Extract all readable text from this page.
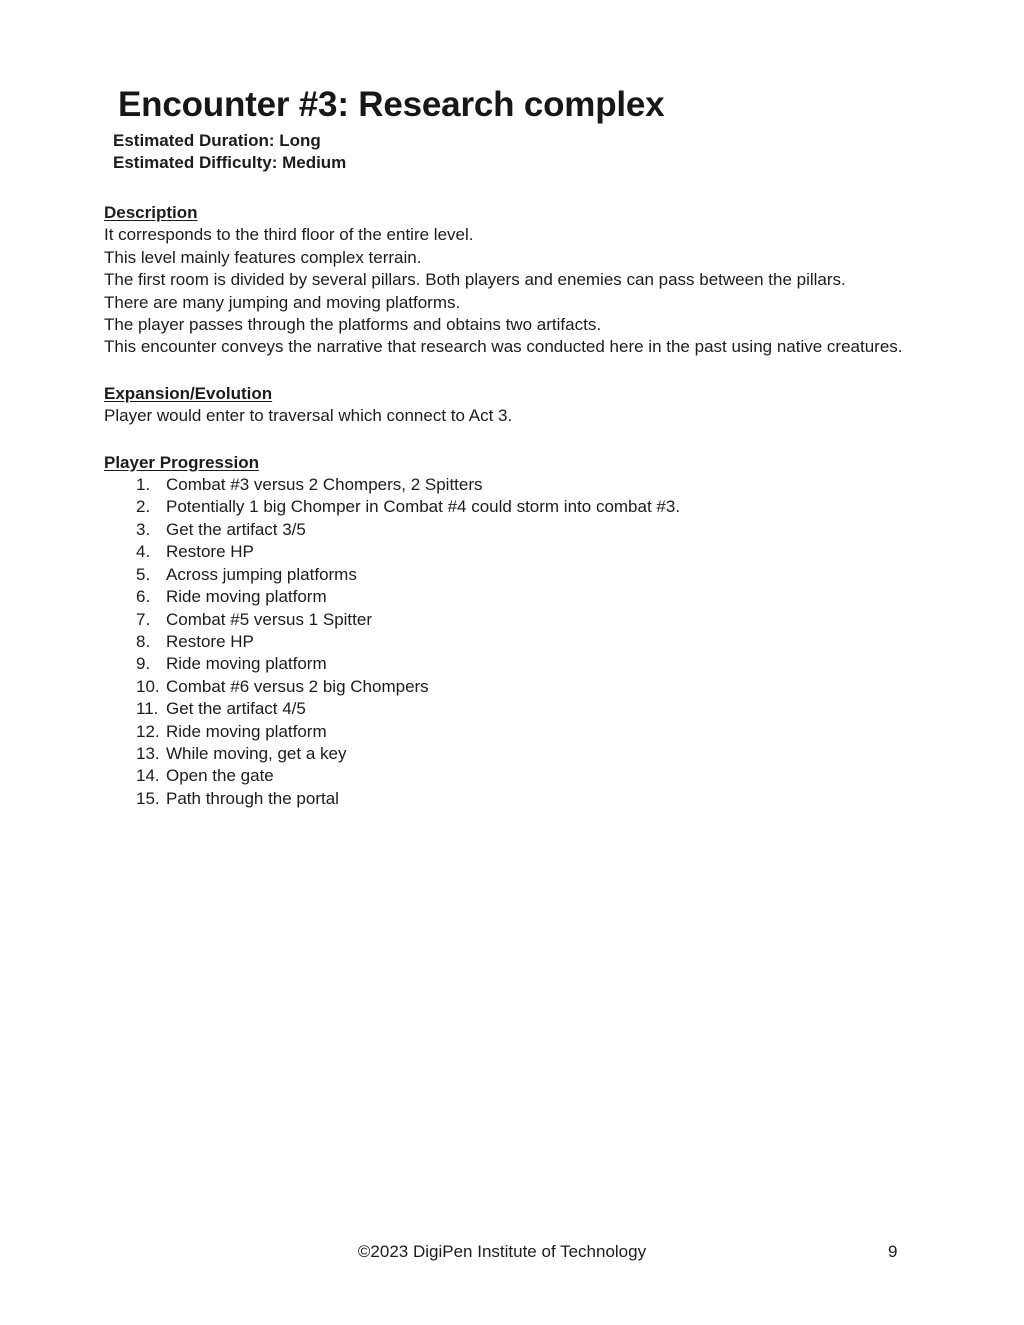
Encounter #3: Research complex
Estimated Duration: Long
Estimated Difficulty: Medium
Description
It corresponds to the third floor of the entire level.
This level mainly features complex terrain.
The first room is divided by several pillars. Both players and enemies can pass between the pillars.
There are many jumping and moving platforms.
The player passes through the platforms and obtains two artifacts.
This encounter conveys the narrative that research was conducted here in the past using native creatures.
Expansion/Evolution
Player would enter to traversal which connect to Act 3.
Player Progression
1. Combat #3 versus 2 Chompers, 2 Spitters
2. Potentially 1 big Chomper in Combat #4 could storm into combat #3.
3. Get the artifact 3/5
4. Restore HP
5. Across jumping platforms
6. Ride moving platform
7. Combat #5 versus 1 Spitter
8. Restore HP
9. Ride moving platform
10. Combat #6 versus 2 big Chompers
11. Get the artifact 4/5
12. Ride moving platform
13. While moving, get a key
14. Open the gate
15. Path through the portal
©2023 DigiPen Institute of Technology	9
